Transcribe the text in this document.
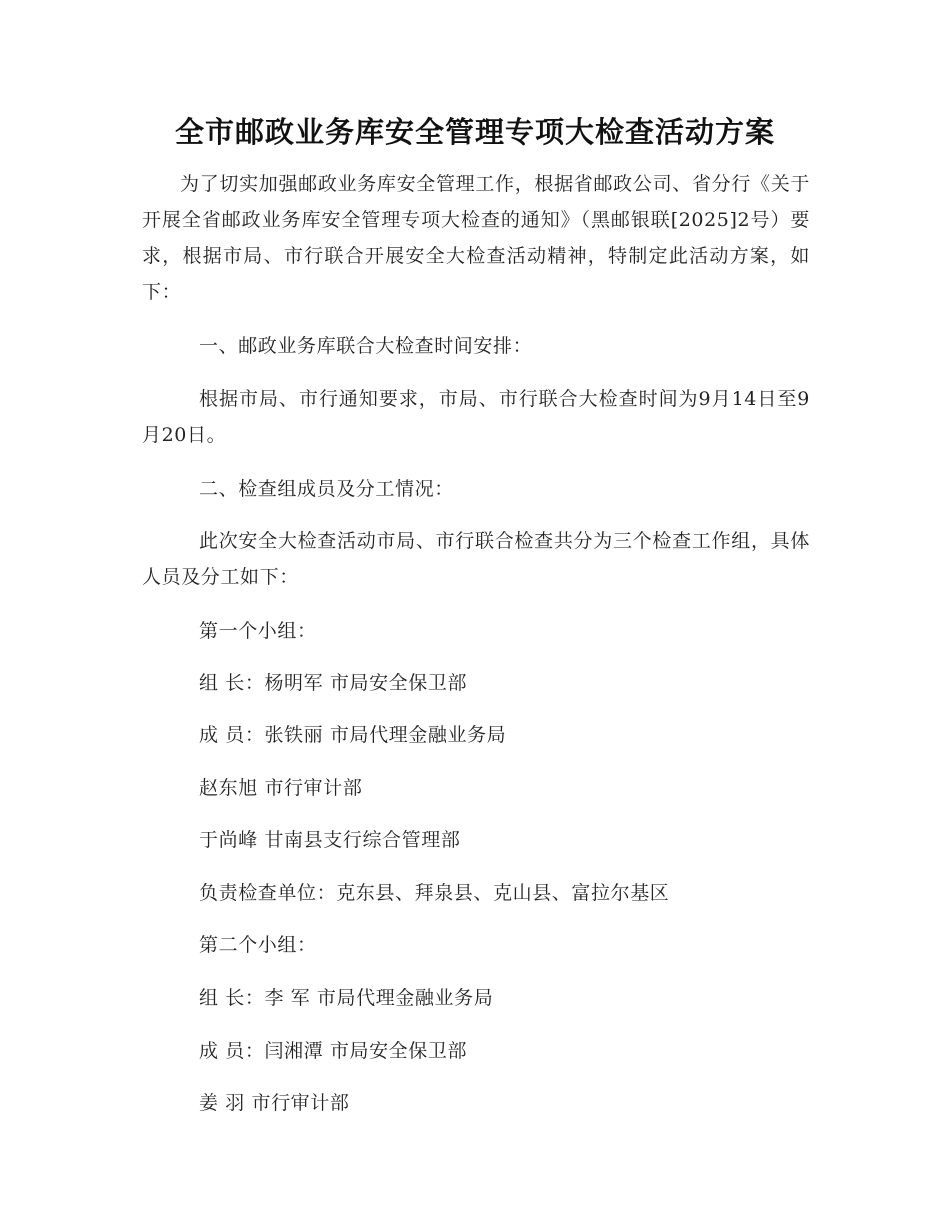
全市邮政业务库安全管理专项大检查活动方案
为了切实加强邮政业务库安全管理工作，根据省邮政公司、省分行《关于开展全省邮政业务库安全管理专项大检查的通知》（黑邮银联[2025]2号）要求，根据市局、市行联合开展安全大检查活动精神，特制定此活动方案，如下：
一、邮政业务库联合大检查时间安排：
根据市局、市行通知要求，市局、市行联合大检查时间为9月14日至9月20日。
二、检查组成员及分工情况：
此次安全大检查活动市局、市行联合检查共分为三个检查工作组，具体人员及分工如下：
第一个小组：
组 长：杨明军 市局安全保卫部
成 员：张铁丽 市局代理金融业务局
赵东旭 市行审计部
于尚峰 甘南县支行综合管理部
负责检查单位：克东县、拜泉县、克山县、富拉尔基区
第二个小组：
组 长：李 军 市局代理金融业务局
成 员：闫湘潭 市局安全保卫部
姜 羽 市行审计部
